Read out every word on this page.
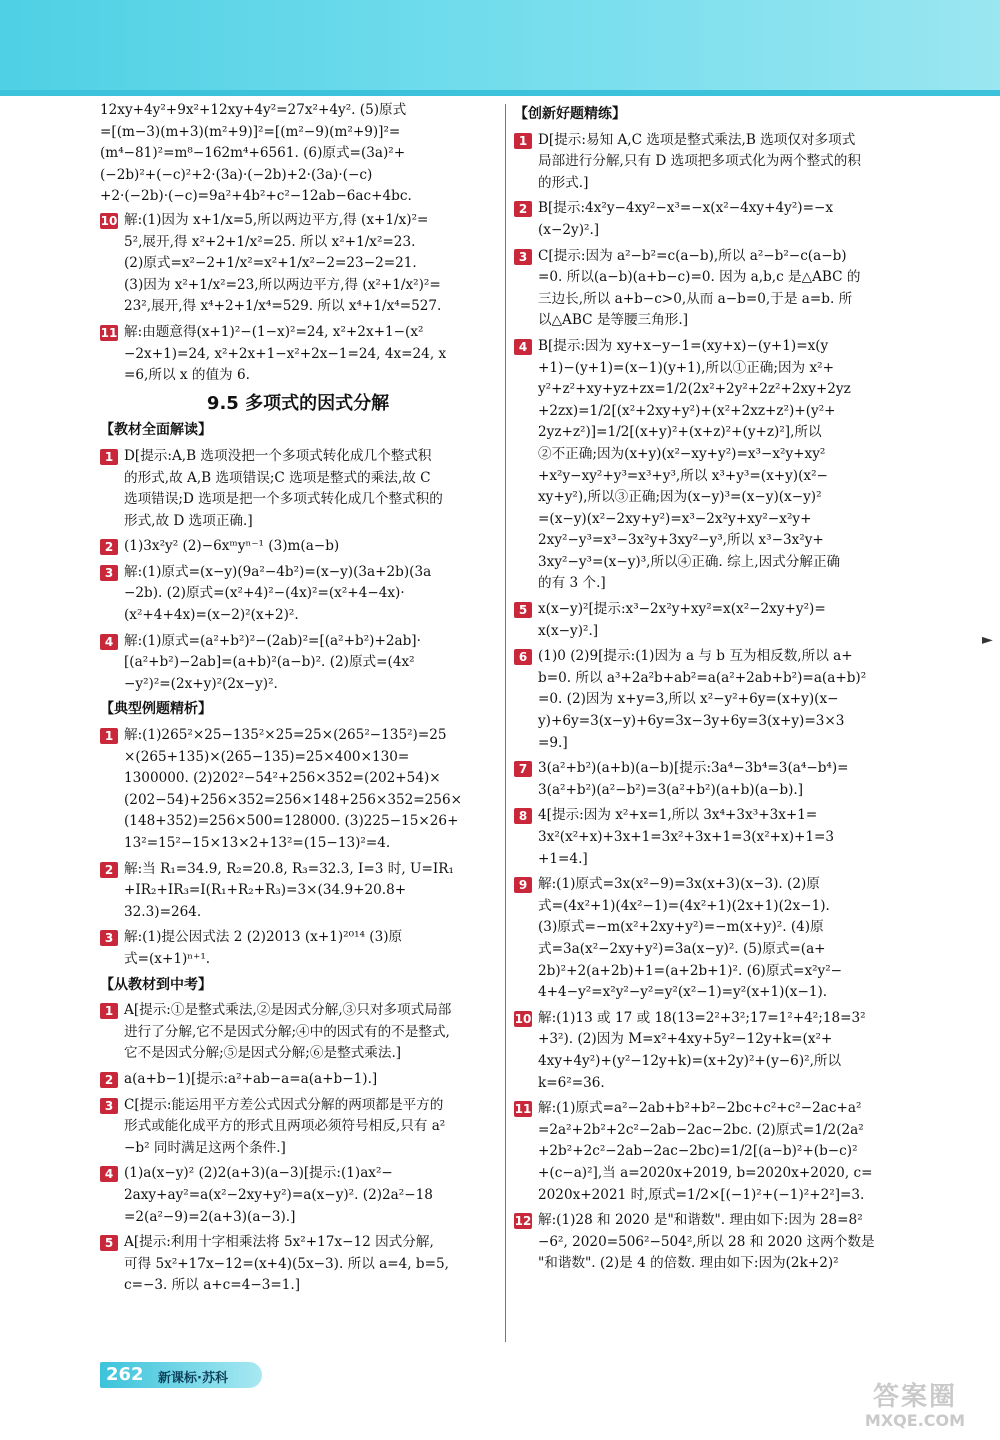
12xy+4y²+9x²+12xy+4y²=27x²+4y². (5)原式
=[(m−3)(m+3)(m²+9)]²=[(m²−9)(m²+9)]²=
(m⁴−81)²=m⁸−162m⁴+6561. (6)原式=(3a)²+
(−2b)²+(−c)²+2·(3a)·(−2b)+2·(3a)·(−c)
+2·(−2b)·(−c)=9a²+4b²+c²−12ab−6ac+4bc.
10 解:(1)因为 x+1/x=5,所以两边平方,得 (x+1/x)²=
5²,展开,得 x²+2+1/x²=25. 所以 x²+1/x²=23.
(2)原式=x²−2+1/x²=x²+1/x²−2=23−2=21.
(3)因为 x²+1/x²=23,所以两边平方,得 (x²+1/x²)²=
23²,展开,得 x⁴+2+1/x⁴=529. 所以 x⁴+1/x⁴=527.
11 解:由题意得(x+1)²−(1−x)²=24, x²+2x+1−(x²
−2x+1)=24, x²+2x+1−x²+2x−1=24, 4x=24, x
=6,所以 x 的值为 6.
9.5 多项式的因式分解
【教材全面解读】
1 D[提示:A,B 选项没把一个多项式转化成几个整式积
的形式,故 A,B 选项错误;C 选项是整式的乘法,故 C
选项错误;D 选项是把一个多项式转化成几个整式积的
形式,故 D 选项正确.]
2 (1)3x²y² (2)−6xᵐyⁿ⁻¹ (3)m(a−b)
3 解:(1)原式=(x−y)(9a²−4b²)=(x−y)(3a+2b)(3a
−2b). (2)原式=(x²+4)²−(4x)²=(x²+4−4x)·
(x²+4+4x)=(x−2)²(x+2)².
4 解:(1)原式=(a²+b²)²−(2ab)²=[(a²+b²)+2ab]·
[(a²+b²)−2ab]=(a+b)²(a−b)². (2)原式=(4x²
−y²)²=(2x+y)²(2x−y)².
【典型例题精析】
1 解:(1)265²×25−135²×25=25×(265²−135²)=25
×(265+135)×(265−135)=25×400×130=
1300000. (2)202²−54²+256×352=(202+54)×
(202−54)+256×352=256×148+256×352=256×
(148+352)=256×500=128000. (3)225−15×26+
13²=15²−15×13×2+13²=(15−13)²=4.
2 解:当 R₁=34.9, R₂=20.8, R₃=32.3, I=3 时, U=IR₁
+IR₂+IR₃=I(R₁+R₂+R₃)=3×(34.9+20.8+
32.3)=264.
3 解:(1)提公因式法 2 (2)2013 (x+1)²⁰¹⁴ (3)原
式=(x+1)ⁿ⁺¹.
【从教材到中考】
1 A[提示:①是整式乘法,②是因式分解,③只对多项式局部
进行了分解,它不是因式分解;④中的因式有的不是整式,
它不是因式分解;⑤是因式分解;⑥是整式乘法.]
2 a(a+b−1)[提示:a²+ab−a=a(a+b−1).]
3 C[提示:能运用平方差公式因式分解的两项都是平方的
形式或能化成平方的形式且两项必须符号相反,只有 a²
−b² 同时满足这两个条件.]
4 (1)a(x−y)² (2)2(a+3)(a−3)[提示:(1)ax²−
2axy+ay²=a(x²−2xy+y²)=a(x−y)². (2)2a²−18
=2(a²−9)=2(a+3)(a−3).]
5 A[提示:利用十字相乘法将 5x²+17x−12 因式分解,
可得 5x²+17x−12=(x+4)(5x−3). 所以 a=4, b=5,
c=−3. 所以 a+c=4−3=1.]
【创新好题精练】
1 D[提示:易知 A,C 选项是整式乘法,B 选项仅对多项式
局部进行分解,只有 D 选项把多项式化为两个整式的积
的形式.]
2 B[提示:4x²y−4xy²−x³=−x(x²−4xy+4y²)=−x
(x−2y)².]
3 C[提示:因为 a²−b²=c(a−b),所以 a²−b²−c(a−b)
=0. 所以(a−b)(a+b−c)=0. 因为 a,b,c 是△ABC 的
三边长,所以 a+b−c>0,从而 a−b=0,于是 a=b. 所
以△ABC 是等腰三角形.]
4 B[提示:因为 xy+x−y−1=(xy+x)−(y+1)=x(y
+1)−(y+1)=(x−1)(y+1),所以①正确;因为 x²+
y²+z²+xy+yz+zx=1/2(2x²+2y²+2z²+2xy+2yz
+2zx)=1/2[(x²+2xy+y²)+(x²+2xz+z²)+(y²+
2yz+z²)]=1/2[(x+y)²+(x+z)²+(y+z)²],所以
②不正确;因为(x+y)(x²−xy+y²)=x³−x²y+xy²
+x²y−xy²+y³=x³+y³,所以 x³+y³=(x+y)(x²−
xy+y²),所以③正确;因为(x−y)³=(x−y)(x−y)²
=(x−y)(x²−2xy+y²)=x³−2x²y+xy²−x²y+
2xy²−y³=x³−3x²y+3xy²−y³,所以 x³−3x²y+
3xy²−y³=(x−y)³,所以④正确. 综上,因式分解正确
的有 3 个.]
5 x(x−y)²[提示:x³−2x²y+xy²=x(x²−2xy+y²)=
x(x−y)².]
6 (1)0 (2)9[提示:(1)因为 a 与 b 互为相反数,所以 a+
b=0. 所以 a³+2a²b+ab²=a(a²+2ab+b²)=a(a+b)²
=0. (2)因为 x+y=3,所以 x²−y²+6y=(x+y)(x−
y)+6y=3(x−y)+6y=3x−3y+6y=3(x+y)=3×3
=9.]
7 3(a²+b²)(a+b)(a−b)[提示:3a⁴−3b⁴=3(a⁴−b⁴)=
3(a²+b²)(a²−b²)=3(a²+b²)(a+b)(a−b).]
8 4[提示:因为 x²+x=1,所以 3x⁴+3x³+3x+1=
3x²(x²+x)+3x+1=3x²+3x+1=3(x²+x)+1=3
+1=4.]
9 解:(1)原式=3x(x²−9)=3x(x+3)(x−3). (2)原
式=(4x²+1)(4x²−1)=(4x²+1)(2x+1)(2x−1).
(3)原式=−m(x²+2xy+y²)=−m(x+y)². (4)原
式=3a(x²−2xy+y²)=3a(x−y)². (5)原式=(a+
2b)²+2(a+2b)+1=(a+2b+1)². (6)原式=x²y²−
4+4−y²=x²y²−y²=y²(x²−1)=y²(x+1)(x−1).
10 解:(1)13 或 17 或 18(13=2²+3²;17=1²+4²;18=3²
+3²). (2)因为 M=x²+4xy+5y²−12y+k=(x²+
4xy+4y²)+(y²−12y+k)=(x+2y)²+(y−6)²,所以
k=6²=36.
11 解:(1)原式=a²−2ab+b²+b²−2bc+c²+c²−2ac+a²
=2a²+2b²+2c²−2ab−2ac−2bc. (2)原式=1/2(2a²
+2b²+2c²−2ab−2ac−2bc)=1/2[(a−b)²+(b−c)²
+(c−a)²],当 a=2020x+2019, b=2020x+2020, c=
2020x+2021 时,原式=1/2×[(−1)²+(−1)²+2²]=3.
12 解:(1)28 和 2020 是"和谐数". 理由如下:因为 28=8²
−6², 2020=506²−504²,所以 28 和 2020 这两个数是
"和谐数". (2)是 4 的倍数. 理由如下:因为(2k+2)²
►
262 新课标·苏科
答案圈
MXQE.COM
